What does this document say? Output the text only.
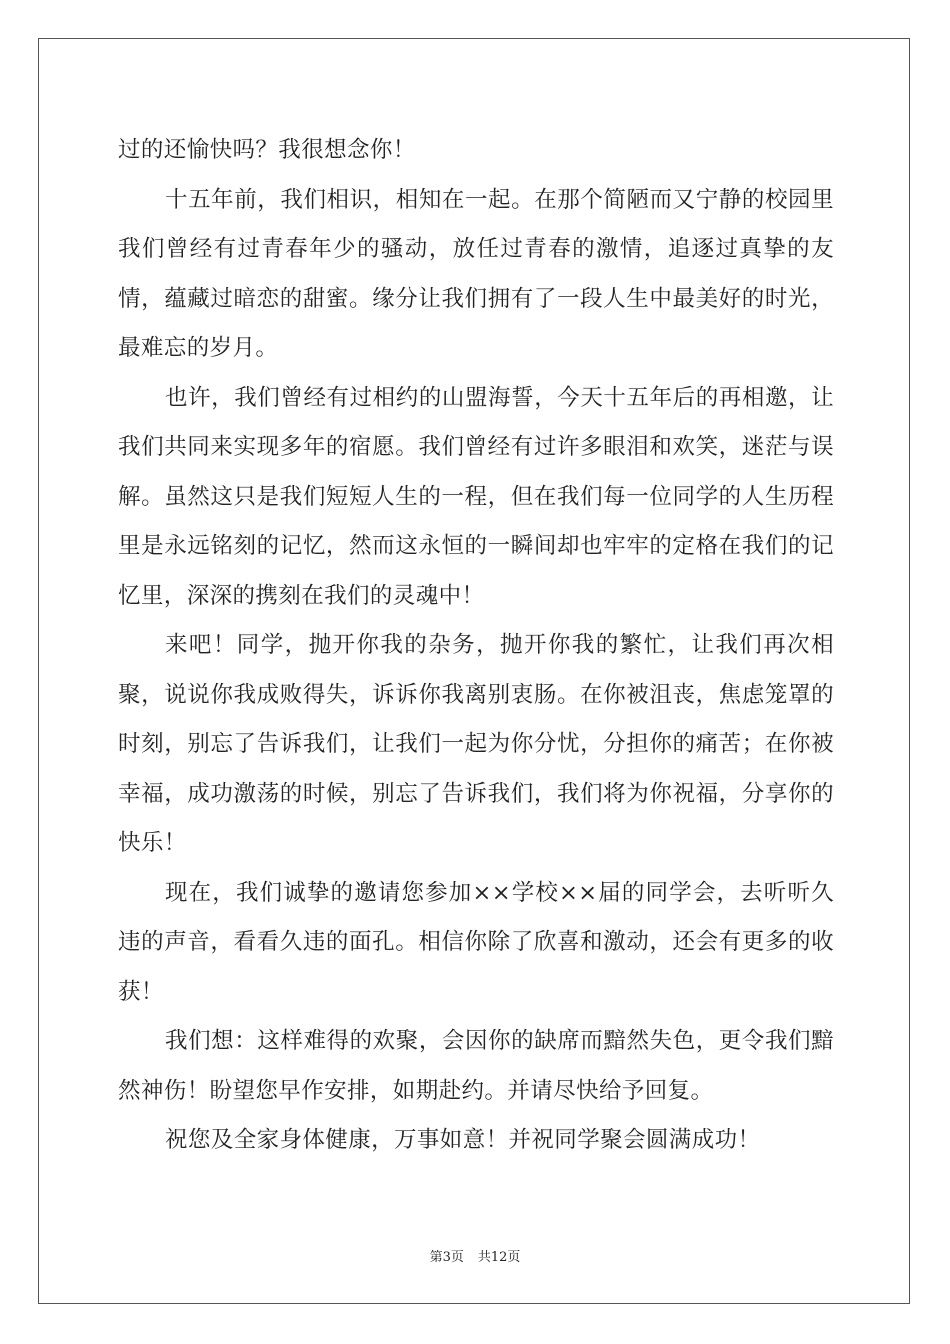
过的还愉快吗？我很想念你！

十五年前，我们相识，相知在一起。在那个简陋而又宁静的校园里我们曾经有过青春年少的骚动，放任过青春的激情，追逐过真挚的友情，蕴藏过暗恋的甜蜜。缘分让我们拥有了一段人生中最美好的时光，最难忘的岁月。

也许，我们曾经有过相约的山盟海誓，今天十五年后的再相邀，让我们共同来实现多年的宿愿。我们曾经有过许多眼泪和欢笑，迷茫与误解。虽然这只是我们短短人生的一程，但在我们每一位同学的人生历程里是永远铭刻的记忆，然而这永恒的一瞬间却也牢牢的定格在我们的记忆里，深深的携刻在我们的灵魂中！

来吧！同学，抛开你我的杂务，抛开你我的繁忙，让我们再次相聚，说说你我成败得失，诉诉你我离别衷肠。在你被沮丧，焦虑笼罩的时刻，别忘了告诉我们，让我们一起为你分忧，分担你的痛苦；在你被幸福，成功激荡的时候，别忘了告诉我们，我们将为你祝福，分享你的快乐！

现在，我们诚挚的邀请您参加××学校××届的同学会，去听听久违的声音，看看久违的面孔。相信你除了欣喜和激动，还会有更多的收获！

我们想：这样难得的欢聚，会因你的缺席而黯然失色，更令我们黯然神伤！盼望您早作安排，如期赴约。并请尽快给予回复。

祝您及全家身体健康，万事如意！并祝同学聚会圆满成功！

第3页 共12页
